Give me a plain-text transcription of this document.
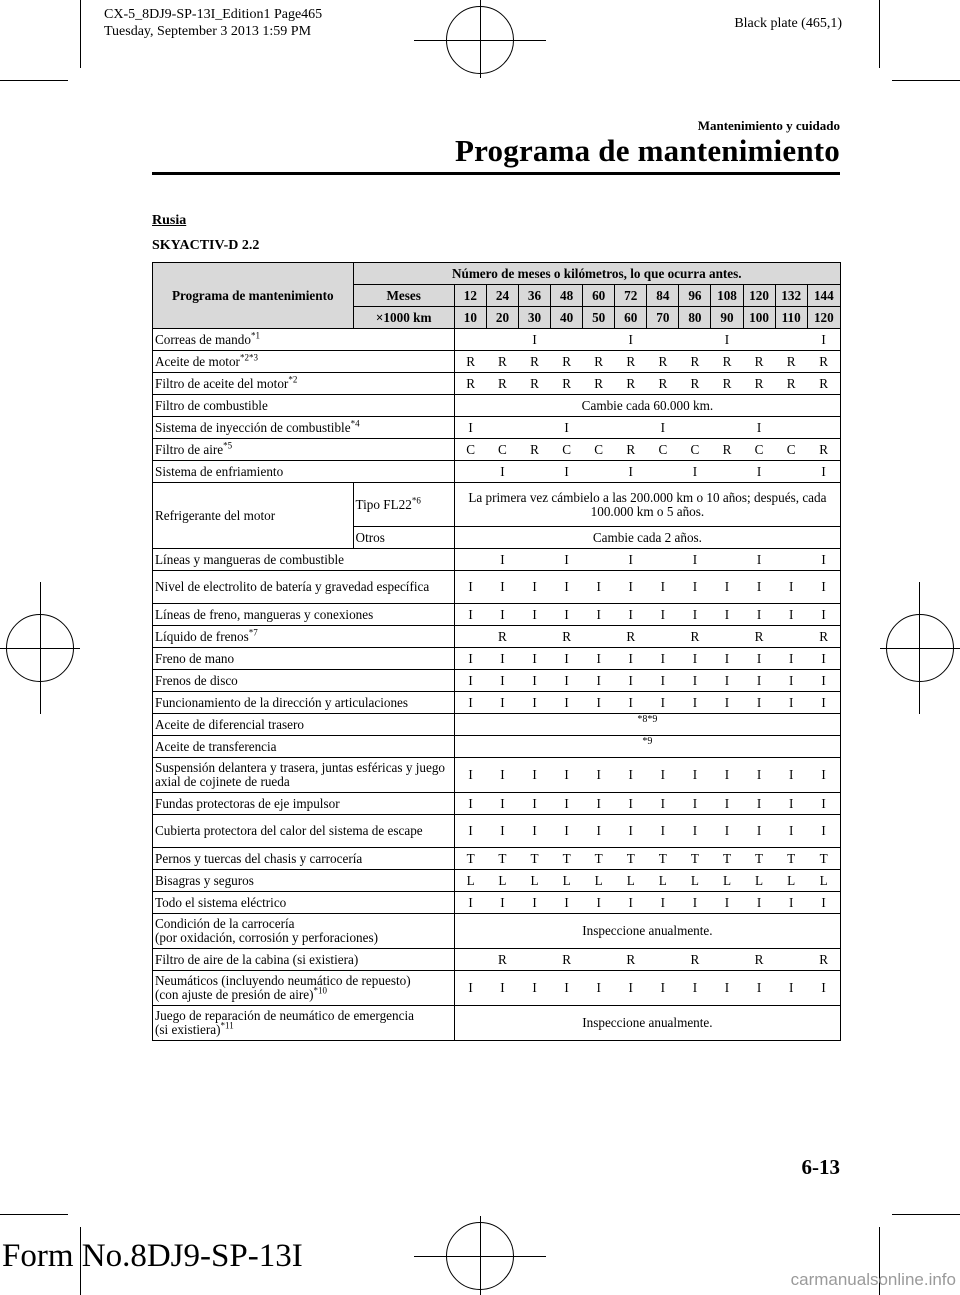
CX-5_8DJ9-SP-13I_Edition1 Page465
Tuesday, September 3 2013 1:59 PM
Black plate (465,1)
Mantenimiento y cuidado
Programa de mantenimiento
Rusia
SKYACTIV-D 2.2
Programa de mantenimiento	Número de meses o kilómetros, lo que ocurra antes.												
	Meses	12	24	36	48	60	72	84	96	108	120	132	144
	×1000 km	10	20	30	40	50	60	70	80	90	100	110	120
Correas de mando$^{*1}$				I			I			I			I
Aceite de motor$^{*2*3}$		R	R	R	R	R	R	R	R	R	R	R	R
Filtro de aceite del motor$^{*2}$		R	R	R	R	R	R	R	R	R	R	R	R
Filtro de combustible		Cambie cada 60.000 km.											
Sistema de inyección de combustible$^{*4}$		I			I			I			I		
Filtro de aire$^{*5}$		C	C	R	C	C	R	C	C	R	C	C	R
Sistema de enfriamiento			I		I		I		I		I		I
Refrigerante del motor	Tipo FL22$^{*6}$	La primera vez cámbielo a las 200.000 km o 10 años; después, cada 100.000 km o 5 años.											
	Otros	Cambie cada 2 años.											
Líneas y mangueras de combustible			I		I		I		I		I		I
Nivel de electrolito de batería y gravedad específica		I	I	I	I	I	I	I	I	I	I	I	I
Líneas de freno, mangueras y conexiones		I	I	I	I	I	I	I	I	I	I	I	I
Líquido de frenos$^{*7}$			R		R		R		R		R		R
Freno de mano		I	I	I	I	I	I	I	I	I	I	I	I
Frenos de disco		I	I	I	I	I	I	I	I	I	I	I	I
Funcionamiento de la dirección y articulaciones		I	I	I	I	I	I	I	I	I	I	I	I
Aceite de diferencial trasero		*8*9											
Aceite de transferencia		*9											
Suspensión delantera y trasera, juntas esféricas y juego axial de cojinete de rueda		I	I	I	I	I	I	I	I	I	I	I	I
Fundas protectoras de eje impulsor		I	I	I	I	I	I	I	I	I	I	I	I
Cubierta protectora del calor del sistema de escape		I	I	I	I	I	I	I	I	I	I	I	I
Pernos y tuercas del chasis y carrocería		T	T	T	T	T	T	T	T	T	T	T	T
Bisagras y seguros		L	L	L	L	L	L	L	L	L	L	L	L
Todo el sistema eléctrico		I	I	I	I	I	I	I	I	I	I	I	I
Condición de la carrocería
(por oxidación, corrosión y perforaciones)		Inspeccione anualmente.											
Filtro de aire de la cabina (si existiera)			R		R		R		R		R		R
Neumáticos (incluyendo neumático de repuesto)
(con ajuste de presión de aire)$^{*10}$		I	I	I	I	I	I	I	I	I	I	I	I
Juego de reparación de neumático de emergencia
(si existiera)$^{*11}$		Inspeccione anualmente.											
6-13
Form No.8DJ9-SP-13I
carmanualsonline.info
